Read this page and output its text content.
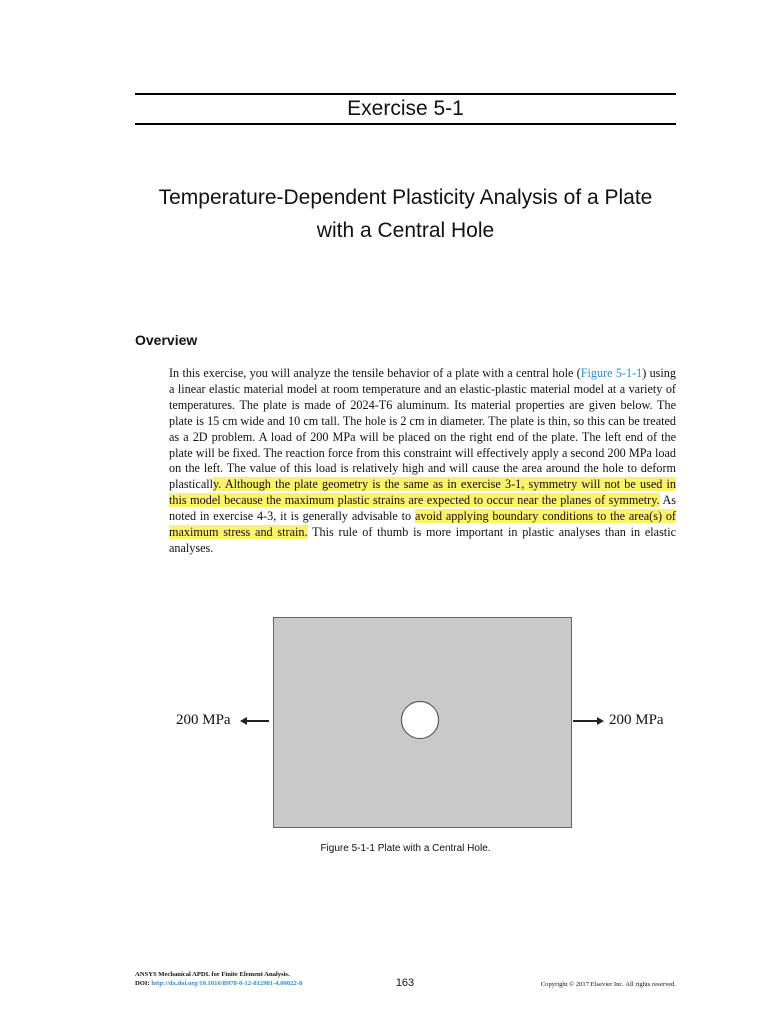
Exercise 5-1
Temperature-Dependent Plasticity Analysis of a Plate
with a Central Hole
Overview

In this exercise, you will analyze the tensile behavior of a plate with a central hole (Figure 5-1-1) using a linear elastic material model at room temperature and an elastic-plastic material model at a variety of temperatures. The plate is made of 2024-T6 aluminum. Its material properties are given below. The plate is 15 cm wide and 10 cm tall. The hole is 2 cm in diameter. The plate is thin, so this can be treated as a 2D problem. A load of 200 MPa will be placed on the right end of the plate. The left end of the plate will be fixed. The reaction force from this constraint will effectively apply a second 200 MPa load on the left. The value of this load is relatively high and will cause the area around the hole to deform plastically. Although the plate geometry is the same as in exercise 3-1, symmetry will not be used in this model because the maximum plastic strains are expected to occur near the planes of symmetry. As noted in exercise 4-3, it is generally advisable to avoid applying boundary conditions to the area(s) of maximum stress and strain. This rule of thumb is more important in plastic analyses than in elastic analyses.

200 MPa	200 MPa
Figure 5-1-1 Plate with a Central Hole.
ANSYS Mechanical APDL for Finite Element Analysis.
DOI: http://dx.doi.org/10.1016/B978-0-12-812981-4.00022-8	163	Copyright © 2017 Elsevier Inc. All rights reserved.
